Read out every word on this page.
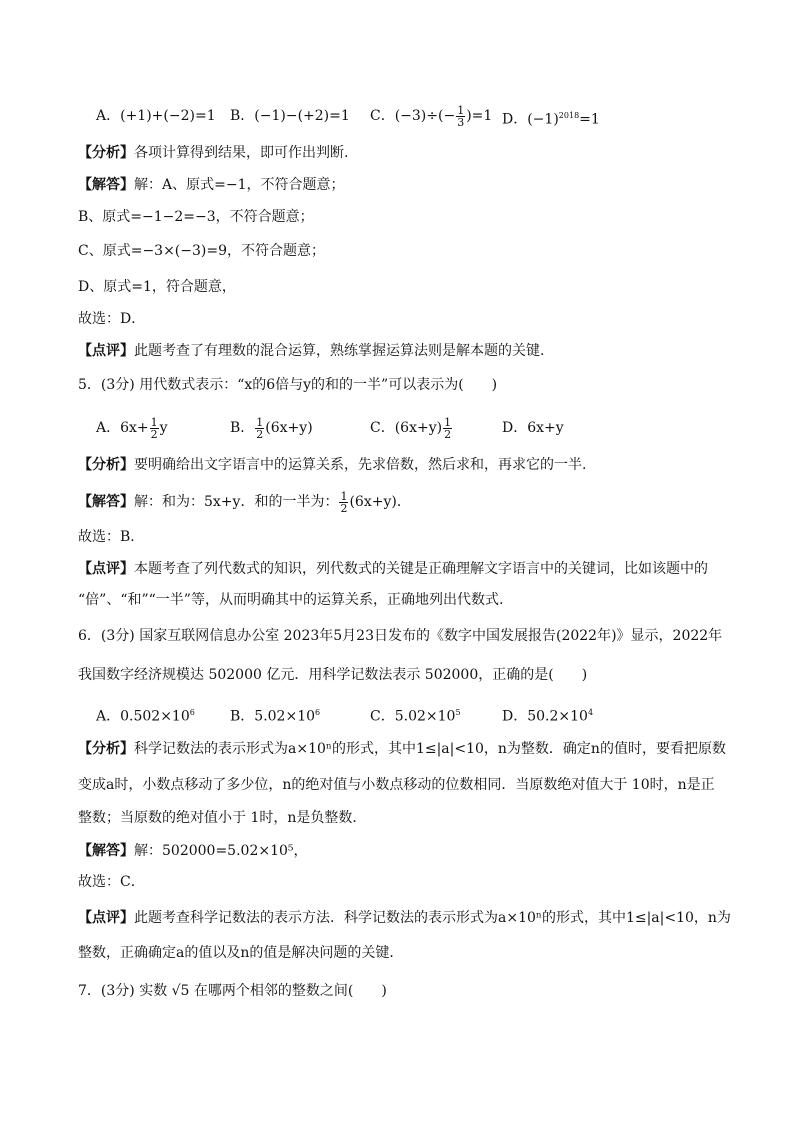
A．(+1)+(−2)=1 B．(−1)−(+2)=1 C．$(-3)\div(- \frac{1}{3} )=1$ D．$(-1)^{2018}=1$
【分析】各项计算得到结果，即可作出判断.
【解答】解：A、原式=−1，不符合题意；
B、原式=−1−2=−3，不符合题意；
C、原式=−3×(−3)=9，不符合题意；
D、原式=1，符合题意，
故选：D．
【点评】此题考查了有理数的混合运算，熟练掌握运算法则是解本题的关键.
5．(3分) 用代数式表示：“x的6倍与y的和的一半”可以表示为(　　)
A．$6x+ \frac{1}{2}$ y	B． $\frac{1}{2} (6x+y)$	C．$(6x+y) \frac{1}{2}$	D．6x+y
【分析】要明确给出文字语言中的运算关系，先求倍数，然后求和，再求它的一半.
【解答】解：和为：5x+y．和的一半为： $\frac{1}{2} (6x+y)$．
故选：B．
【点评】本题考查了列代数式的知识，列代数式的关键是正确理解文字语言中的关键词，比如该题中的
“倍”、“和”“一半”等，从而明确其中的运算关系，正确地列出代数式.
6．(3分) 国家互联网信息办公室 2023年5月23日发布的《数字中国发展报告(2022年)》显示，2022年
我国数字经济规模达 502000 亿元．用科学记数法表示 502000，正确的是(　　)
A．$0.502\times 10^6$	B．$5.02\times 10^6$	C．$5.02\times 10^5$	D．$50.2\times 10^4$
【分析】科学记数法的表示形式为a×10ⁿ的形式，其中1≤|a|<10，n为整数．确定n的值时，要看把原数
变成a时，小数点移动了多少位，n的绝对值与小数点移动的位数相同．当原数绝对值大于 10时，n是正
整数；当原数的绝对值小于 1时，n是负整数．
【解答】解：502000=5.02×10⁵，
故选：C．
【点评】此题考查科学记数法的表示方法．科学记数法的表示形式为a×10ⁿ的形式，其中1≤|a|<10，n为
整数，正确确定a的值以及n的值是解决问题的关键．
7．(3分) 实数 √5 在哪两个相邻的整数之间(　　)
